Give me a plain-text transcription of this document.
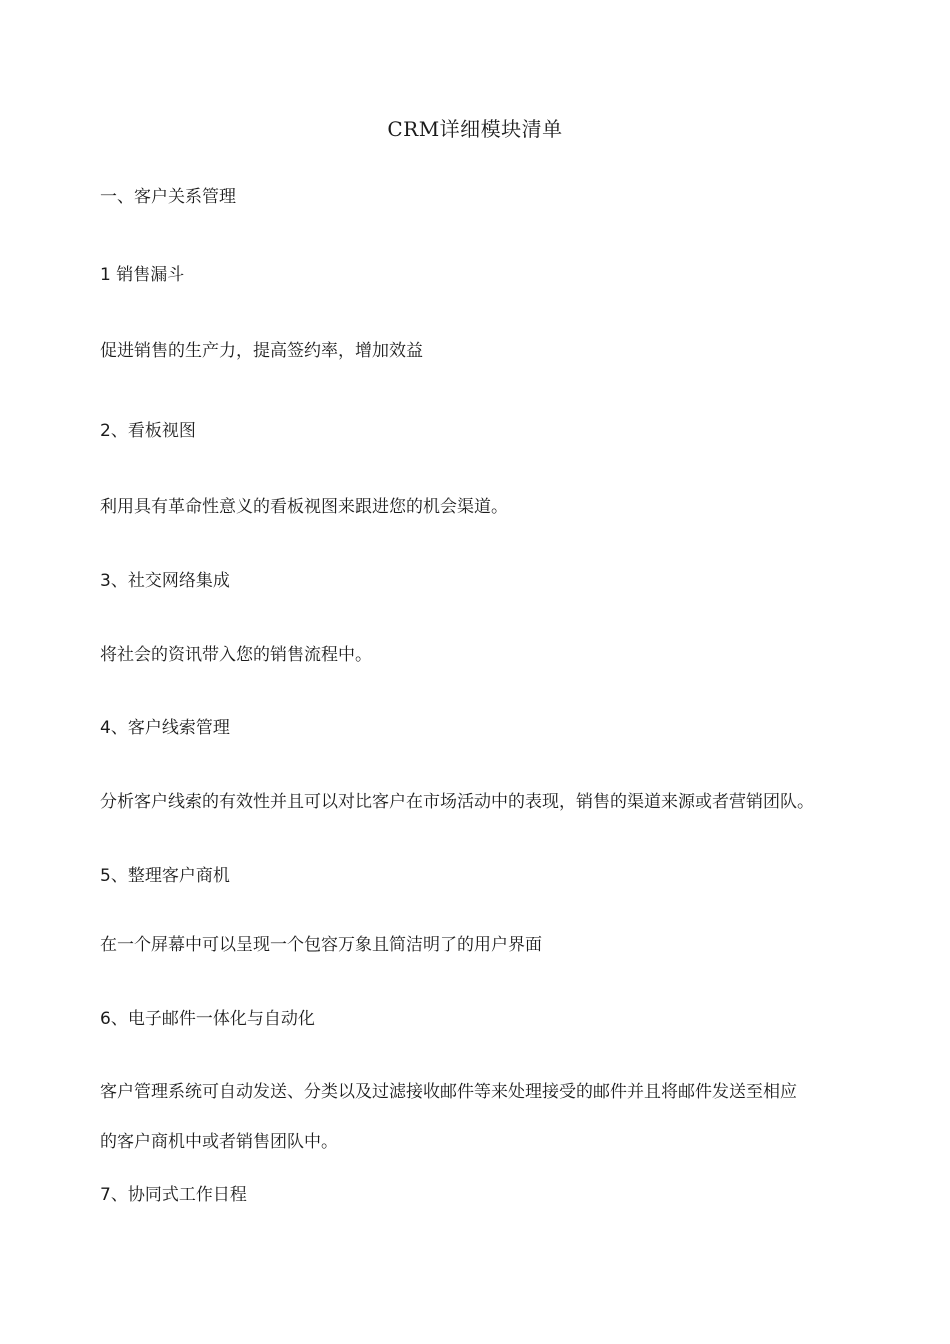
CRM详细模块清单
一、客户关系管理
1 销售漏斗
促进销售的生产力，提高签约率，增加效益
2、看板视图
利用具有革命性意义的看板视图来跟进您的机会渠道。
3、社交网络集成
将社会的资讯带入您的销售流程中。
4、客户线索管理
分析客户线索的有效性并且可以对比客户在市场活动中的表现，销售的渠道来源或者营销团队。
5、整理客户商机
在一个屏幕中可以呈现一个包容万象且简洁明了的用户界面
6、电子邮件一体化与自动化
客户管理系统可自动发送、分类以及过滤接收邮件等来处理接受的邮件并且将邮件发送至相应
的客户商机中或者销售团队中。
7、协同式工作日程
